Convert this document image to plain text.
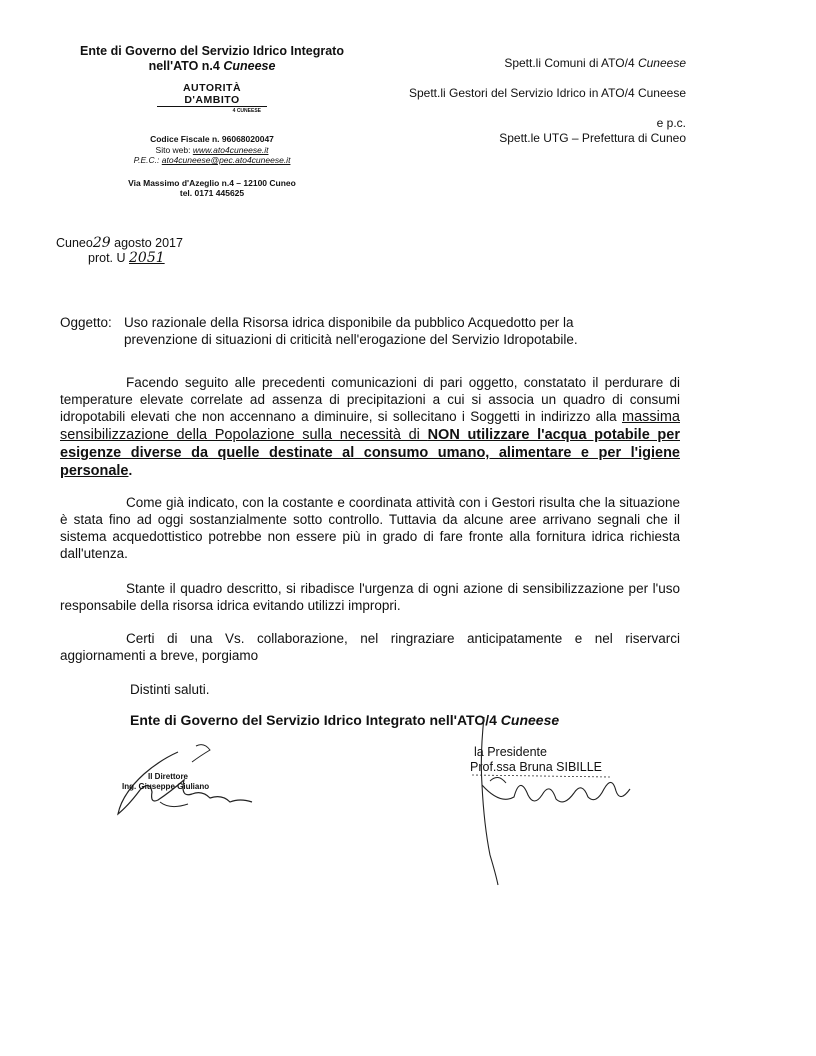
Ente di Governo del Servizio Idrico Integrato
nell'ATO n.4 Cuneese
AUTORITÀ D'AMBITO
4 CUNEESE
Codice Fiscale n. 96068020047
Sito web: www.ato4cuneese.it
P.E.C.: ato4cuneese@pec.ato4cuneese.it
Via Massimo d'Azeglio n.4 – 12100 Cuneo
tel. 0171 445625
Spett.li Comuni di ATO/4 Cuneese
Spett.li Gestori del Servizio Idrico in ATO/4 Cuneese
e p.c.
Spett.le UTG – Prefettura di Cuneo
Cuneo29 agosto 2017
prot. U 2051
Oggetto: Uso razionale della Risorsa idrica disponibile da pubblico Acquedotto per la
prevenzione di situazioni di criticità nell'erogazione del Servizio Idropotabile.
Facendo seguito alle precedenti comunicazioni di pari oggetto, constatato il perdurare di temperature elevate correlate ad assenza di precipitazioni a cui si associa un quadro di consumi idropotabili elevati che non accennano a diminuire, si sollecitano i Soggetti in indirizzo alla massima sensibilizzazione della Popolazione sulla necessità di NON utilizzare l'acqua potabile per esigenze diverse da quelle destinate al consumo umano, alimentare e per l'igiene personale.
Come già indicato, con la costante e coordinata attività con i Gestori risulta che la situazione è stata fino ad oggi sostanzialmente sotto controllo. Tuttavia da alcune aree arrivano segnali che il sistema acquedottistico potrebbe non essere più in grado di fare fronte alla fornitura idrica richiesta dall'utenza.
Stante il quadro descritto, si ribadisce l'urgenza di ogni azione di sensibilizzazione per l'uso responsabile della risorsa idrica evitando utilizzi impropri.
Certi di una Vs. collaborazione, nel ringraziare anticipatamente e nel riservarci aggiornamenti a breve, porgiamo
Distinti saluti.
Ente di Governo del Servizio Idrico Integrato nell'ATO/4 Cuneese
Il Direttore
Ing. Giuseppe Giuliano
la Presidente
Prof.ssa Bruna SIBILLE
